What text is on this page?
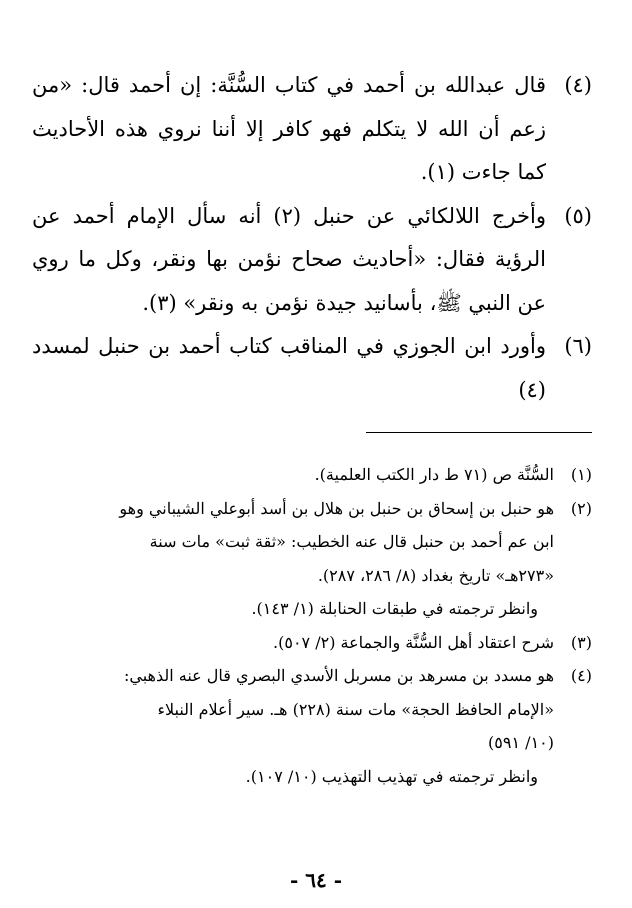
(٤)
قال عبدالله بن أحمد في كتاب السُّنَّة: إن أحمد قال: «من زعم أن الله لا يتكلم فهو كافر إلا أننا نروي هذه الأحاديث كما جاءت (١).
(٥)
وأخرج اللالكائي عن حنبل (٢) أنه سأل الإمام أحمد عن الرؤية فقال: «أحاديث صحاح نؤمن بها ونقر، وكل ما روي عن النبي ﷺ، بأسانيد جيدة نؤمن به ونقر» (٣).
(٦)
وأورد ابن الجوزي في المناقب كتاب أحمد بن حنبل لمسدد (٤)
(١)
السُّنَّة ص (٧١ ط دار الكتب العلمية).
(٢)
هو حنبل بن إسحاق بن حنبل بن هلال بن أسد أبوعلي الشيباني وهو
ابن عم أحمد بن حنبل قال عنه الخطيب: «ثقة ثبت» مات سنة
«٢٧٣هـ» تاريخ بغداد (٨/ ٢٨٦، ٢٨٧).
وانظر ترجمته في طبقات الحنابلة (١/ ١٤٣).
(٣)
شرح اعتقاد أهل السُّنَّة والجماعة (٢/ ٥٠٧).
(٤)
هو مسدد بن مسرهد بن مسربل الأسدي البصري قال عنه الذهبي:
«الإمام الحافظ الحجة» مات سنة (٢٢٨) هـ. سير أعلام النبلاء
(١٠/ ٥٩١)
وانظر ترجمته في تهذيب التهذيب (١٠/ ١٠٧).
- ٦٤ -
